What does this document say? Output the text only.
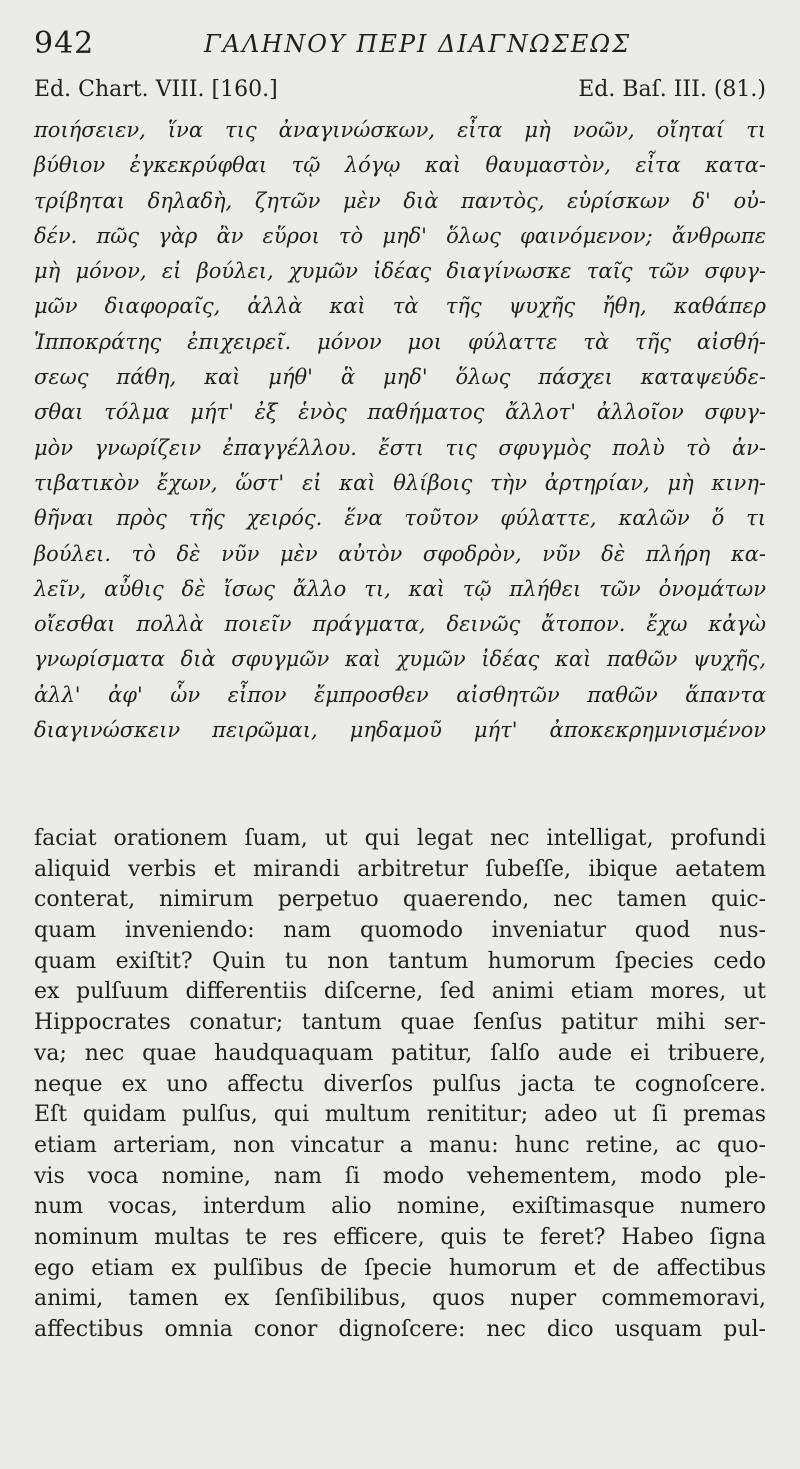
942	ΓΑΛΗΝΟΥ ΠΕΡΙ ΔΙΑΓΝΩΣΕΩΣ
Ed. Chart. VIII. [160.]	Ed. Baſ. III. (81.)
ποιήσειεν, ἵνα τις ἀναγινώσκων, εἶτα μὴ νοῶν, οἴηταί τι
βύθιον ἐγκεκρύφθαι τῷ λόγῳ καὶ θαυμαστὸν, εἶτα κατα-
τρίβηται δηλαδὴ, ζητῶν μὲν διὰ παντὸς, εὑρίσκων δ' οὐ-
δέν. πῶς γὰρ ἂν εὕροι τὸ μηδ' ὅλως φαινόμενον; ἄνθρωπε
μὴ μόνον, εἰ βούλει, χυμῶν ἰδέας διαγίνωσκε ταῖς τῶν σφυγ-
μῶν διαφοραῖς, ἀλλὰ καὶ τὰ τῆς ψυχῆς ἤθη, καθάπερ
Ἱπποκράτης ἐπιχειρεῖ. μόνον μοι φύλαττε τὰ τῆς αἰσθή-
σεως πάθη, καὶ μήθ' ἃ μηδ' ὅλως πάσχει καταψεύδε-
σθαι τόλμα μήτ' ἐξ ἑνὸς παθήματος ἄλλοτ' ἀλλοῖον σφυγ-
μὸν γνωρίζειν ἐπαγγέλλου. ἔστι τις σφυγμὸς πολὺ τὸ ἀν-
τιβατικὸν ἔχων, ὥστ' εἰ καὶ θλίβοις τὴν ἀρτηρίαν, μὴ κινη-
θῆναι πρὸς τῆς χειρός. ἕνα τοῦτον φύλαττε, καλῶν ὅ τι
βούλει. τὸ δὲ νῦν μὲν αὐτὸν σφοδρὸν, νῦν δὲ πλήρη κα-
λεῖν, αὖθις δὲ ἴσως ἄλλο τι, καὶ τῷ πλήθει τῶν ὀνομάτων
οἴεσθαι πολλὰ ποιεῖν πράγματα, δεινῶς ἄτοπον. ἔχω κἀγὼ
γνωρίσματα διὰ σφυγμῶν καὶ χυμῶν ἰδέας καὶ παθῶν ψυχῆς,
ἀλλ' ἀφ' ὧν εἶπον ἔμπροσθεν αἰσθητῶν παθῶν ἅπαντα
διαγινώσκειν πειρῶμαι, μηδαμοῦ μήτ' ἀποκεκρημνισμένον
faciat orationem ſuam, ut qui legat nec intelligat, profundi
aliquid verbis et mirandi arbitretur ſubeſſe, ibique aetatem
conterat, nimirum perpetuo quaerendo, nec tamen quic-
quam inveniendo: nam quomodo inveniatur quod nus-
quam exiſtit? Quin tu non tantum humorum ſpecies cedo
ex pulſuum differentiis diſcerne, ſed animi etiam mores, ut
Hippocrates conatur; tantum quae ſenſus patitur mihi ser-
va; nec quae haudquaquam patitur, ſalſo aude ei tribuere,
neque ex uno affectu diverſos pulſus jacta te cognoſcere.
Eſt quidam pulſus, qui multum renititur; adeo ut ſi premas
etiam arteriam, non vincatur a manu: hunc retine, ac quo-
vis voca nomine, nam ſi modo vehementem, modo ple-
num vocas, interdum alio nomine, exiſtimasque numero
nominum multas te res efficere, quis te feret? Habeo ſigna
ego etiam ex pulſibus de ſpecie humorum et de affectibus
animi, tamen ex ſenſibilibus, quos nuper commemoravi,
affectibus omnia conor dignoſcere: nec dico usquam pul-
